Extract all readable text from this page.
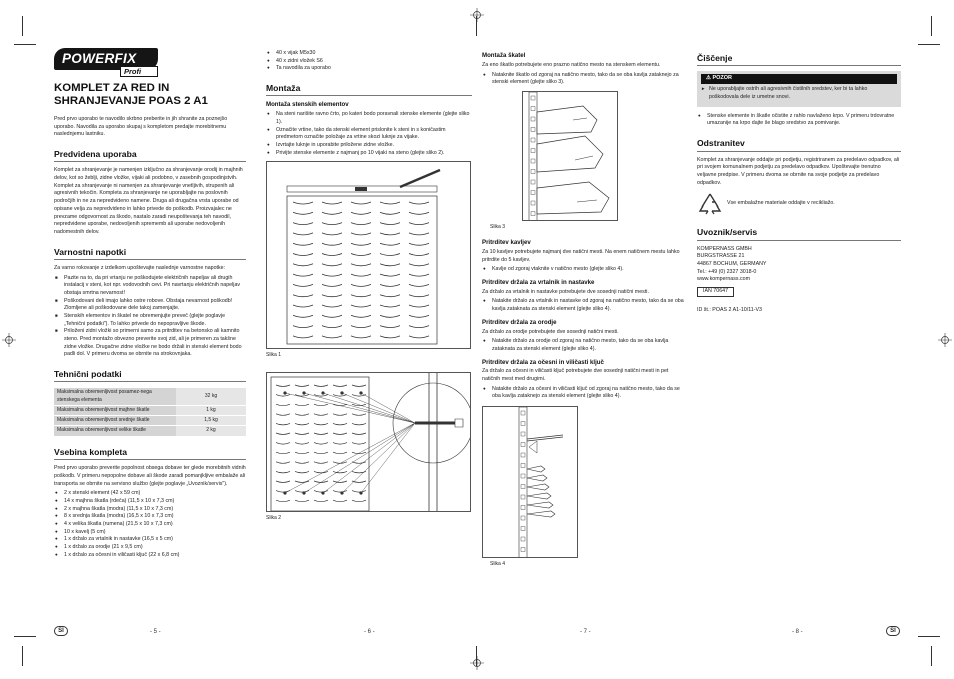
POWERFIX
Profi
KOMPLET ZA RED IN SHRANJEVANJE POAS 2 A1

Pred prvo uporabo te navodilo skrbno preberite in jih shranite za poznejšo uporabo. Navodila za uporabo skupaj s kompletom predajte morebitnemu naslednjemu lastniku.

Predvidena uporaba

Komplet za shranjevanje je namenjen izključno za shranjevanje orodij in majhnih delov, kot so žeblji, zidne vložke, vijaki ali podobno, v zasebnih gospodinjstvih. Komplet za shranjevanje ni namenjen za shranjevanje vnetljivih, strupenih ali agresivnih tekočin. Kompleta za shranjevanje ne uporabljajte na poslovnih področjih in ne za nepredvideno namene. Druga ali drugačna vrsta uporabe od opisane velja za nepredvideno in lahko privede do poškodb. Proizvajalec ne prevzame odgovornost za škodo, nastalo zaradi neupoštevanja teh navodil, nepredvidene uporabe, nedovoljenih sprememb ali uporabe nedovoljenih nadomestnih delov.

Varnostni napotki

Za varno rokovanje z izdelkom upoštevajte naslednje varnostne napotke:

■ Pazite na to, da pri vrtanju ne poškodujete električnih napeljav ali drugih instalacij v steni, kot npr. vodovodnih cevi. Pri navrtanju električnih napeljav obstaja smrtna nevarnost!
■ Poškodovani deli imajo lahko ostre robove. Obstaja nevarnost poškodb! Zlomljene ali poškodovane dele takoj zamenjajte.
■ Stenskih elementov in škatel ne obremenjujte preveč (glejte poglavje „Tehnični podatki"). To lahko privede do nepopravljive škode.
■ Priloženi zidni vložki so primerni samo za pritrditev na betonsko ali kamnito steno. Pred montažo obvezno preverite svoj zid, ali je primeren za takšne zidne vložke. Drugačne zidne vložke ne bodo držali in stenski element bodo padli dol. V primeru dvoma se obrnite na strokovnjaka.
Tehnični podatki
Maksimalna obremenljivost posamez-nega stenskega elementa	32 kg
Maksimalna obremenljivost majhne škatle	1 kg
Maksimalna obremenljivost srednje škatle	1,5 kg
Maksimalna obremenljivost velike škatle	2 kg
Vsebina kompleta

Pred prvo uporabo preverite popolnost obsega dobave ter glede morebitnih vidnih poškodb. V primeru nepopolne dobave ali škode zaradi pomanjkljive embalaže ali transporta se obrnite na servisno službo (glejte poglavje „Uvoznik/servis").

● 2 x stenski element (42 x 59 cm)
● 14 x majhna škatla (rdeča) (11,5 x 10 x 7,3 cm)
● 2 x majhna škatla (modra) (11,5 x 10 x 7,3 cm)
● 8 x srednja škatla (modra) (16,5 x 10 x 7,3 cm)
● 4 x velika škatla (rumena) (21,5 x 10 x 7,3 cm)
● 10 x kavelj (5 cm)
● 1 x držalo za vrtalnik in nastavke (16,5 x 5 cm)
● 1 x držalo za orodje (21 x 9,5 cm)
● 1 x držalo za očesni in viličasti ključ (22 x 6,8 cm)
● 40 x vijak M5x30
● 40 x zidni vložek S6
● Ta navodila za uporabo
Montaža
Montaža stenskih elementov
● Na steni narišite ravno črto, po kateri bodo poravnali stenske elemente (glejte sliko 1).
● Označite vrtine, tako da stenski element prislonite k steni in s koničastim predmetom označite položaje za vrtine skozi luknje za vijake.
● Izvrtajte luknje in uporabite priložene zidne vložke.
● Privijte stenske elemente z najmanj po 10 vijaki na steno (glejte sliko 2).
Slika 1
Slika 2
Montaža škatel

Za eno škatlo potrebujete eno prazno natično mesto na stenskem elementu.

● Nataknite škatlo od zgoraj na natično mesto, tako da se oba kavlja zataknejo za stenski element (glejte sliko 3).
Slika 3
Pritrditev kavljev

Za 10 kavljev potrebujete najmanj dve natični mesti. Na enem natičnem mestu lahko pritrdite do 5 kavljev.

● Kavlje od zgoraj vtaknite v natično mesto (glejte sliko 4).
Pritrditev držala za vrtalnik in nastavke

Za držalo za vrtalnik in nastavke potrebujete dve sosednji natični mesti.

● Natakite držalo za vrtalnik in nastavke od zgoraj na natično mesto, tako da se oba kavlja zataknata za stenski element (glejte sliko 4).
Pritrditev držala za orodje

Za držalo za orodje potrebujete dve sosednji natični mesti.

● Natakite držalo za orodje od zgoraj na natično mesto, tako da se oba kavlja zataknata za stenski element (glejte sliko 4).
Pritrditev držala za očesni in viličasti ključ

Za držalo za očesni in viličasti ključ potrebujete dve sosednji natični mesti in pet natičnih mest med drugimi.

● Natakite držalo za očesni in viličasti ključ od zgoraj na natično mesto, tako da se oba kavlja zataknejo za stenski element (glejte sliko 4).
Slika 4
Čiščenje
⚠ POZOR
► Ne uporabljajte ostrih ali agresivnih čistilnih sredstev, ker bi ta lahko poškodovala dele iz umetne snovi.
● Stenske elemente in škatle očistite z rahlo navlaženo krpo. V primeru trdovratne umazanije na krpo dajte še blago sredstvo za pomivanje.
Odstranitev

Komplet za shranjevanje oddajte pri podjetju, registriranem za predelavo odpadkov, ali pri svojem komunalnem podjetju za predelavo odpadkov. Upoštevajte trenutno veljavne predpise. V primeru dvoma se obrnite na svoje podjetje za predelavo odpadkov.

Vse embalažne materiale oddajte v recikliažo.
Uvoznik/servis
KOMPERNASS GMBH
BURGSTRASSE 21
44867 BOCHUM, GERMANY
Tel.: +49 (0) 2327 3018-0
www.kompernass.com
IAN 70647
ID št.: POAS 2 A1-10/11-V3
SI	- 5 -	- 6 -	- 7 -	- 8 -	SI
